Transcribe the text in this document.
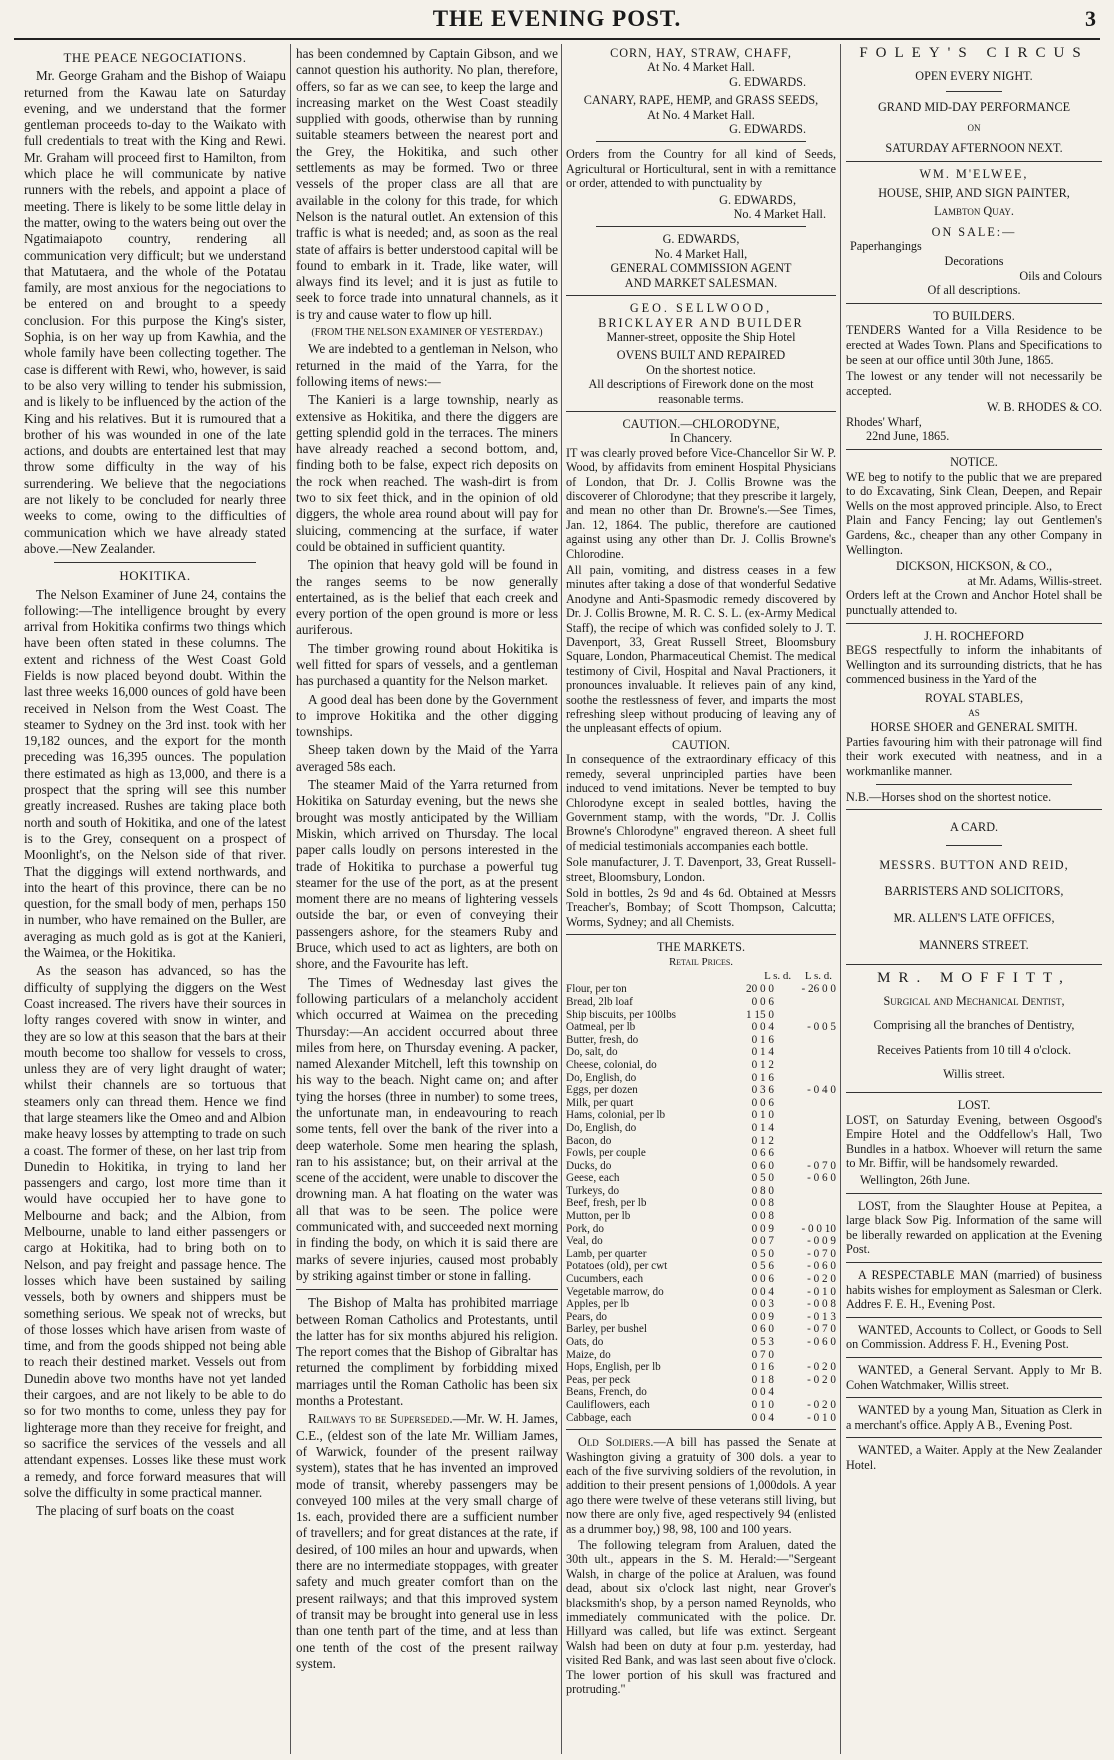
THE EVENING POST.	3
THE PEACE NEGOCIATIONS.

Mr. George Graham and the Bishop of Waiapu returned from the Kawau late on Saturday evening, and we understand that the former gentleman proceeds to-day to the Waikato with full credentials to treat with the King and Rewi. Mr. Graham will proceed first to Hamilton, from which place he will communicate by native runners with the rebels, and appoint a place of meeting. There is likely to be some little delay in the matter, owing to the waters being out over the Ngatimaiapoto country, rendering all communication very difficult; but we understand that Matutaera, and the whole of the Potatau family, are most anxious for the negociations to be entered on and brought to a speedy conclusion. For this purpose the King's sister, Sophia, is on her way up from Kawhia, and the whole family have been collecting together. The case is different with Rewi, who, however, is said to be also very willing to tender his submission, and is likely to be influenced by the action of the King and his relatives. But it is rumoured that a brother of his was wounded in one of the late actions, and doubts are entertained lest that may throw some difficulty in the way of his surrendering. We believe that the negociations are not likely to be concluded for nearly three weeks to come, owing to the difficulties of communication which we have already stated above.—New Zealander.

HOKITIKA.

The Nelson Examiner of June 24, contains the following:—The intelligence brought by every arrival from Hokitika confirms two things which have been often stated in these columns. The extent and richness of the West Coast Gold Fields is now placed beyond doubt. Within the last three weeks 16,000 ounces of gold have been received in Nelson from the West Coast. The steamer to Sydney on the 3rd inst. took with her 19,182 ounces, and the export for the month preceding was 16,395 ounces. The population there estimated as high as 13,000, and there is a prospect that the spring will see this number greatly increased. Rushes are taking place both north and south of Hokitika, and one of the latest is to the Grey, consequent on a prospect of Moonlight's, on the Nelson side of that river. That the diggings will extend northwards, and into the heart of this province, there can be no question, for the small body of men, perhaps 150 in number, who have remained on the Buller, are averaging as much gold as is got at the Kanieri, the Waimea, or the Hokitika.

As the season has advanced, so has the difficulty of supplying the diggers on the West Coast increased. The rivers have their sources in lofty ranges covered with snow in winter, and they are so low at this season that the bars at their mouth become too shallow for vessels to cross, unless they are of very light draught of water; whilst their channels are so tortuous that steamers only can thread them. Hence we find that large steamers like the Omeo and and Albion make heavy losses by attempting to trade on such a coast. The former of these, on her last trip from Dunedin to Hokitika, in trying to land her passengers and cargo, lost more time than it would have occupied her to have gone to Melbourne and back; and the Albion, from Melbourne, unable to land either passengers or cargo at Hokitika, had to bring both on to Nelson, and pay freight and passage hence. The losses which have been sustained by sailing vessels, both by owners and shippers must be something serious. We speak not of wrecks, but of those losses which have arisen from waste of time, and from the goods shipped not being able to reach their destined market. Vessels out from Dunedin above two months have not yet landed their cargoes, and are not likely to be able to do so for two months to come, unless they pay for lighterage more than they receive for freight, and so sacrifice the services of the vessels and all attendant expenses. Losses like these must work a remedy, and force forward measures that will solve the difficulty in some practical manner.

The placing of surf boats on the coast

has been condemned by Captain Gibson, and we cannot question his authority. No plan, therefore, offers, so far as we can see, to keep the large and increasing market on the West Coast steadily supplied with goods, otherwise than by running suitable steamers between the nearest port and the Grey, the Hokitika, and such other settlements as may be formed. Two or three vessels of the proper class are all that are available in the colony for this trade, for which Nelson is the natural outlet. An extension of this traffic is what is needed; and, as soon as the real state of affairs is better understood capital will be found to embark in it. Trade, like water, will always find its level; and it is just as futile to seek to force trade into unnatural channels, as it is try and cause water to flow up hill.

(FROM THE NELSON EXAMINER OF YESTERDAY.)

We are indebted to a gentleman in Nelson, who returned in the maid of the Yarra, for the following items of news:—

The Kanieri is a large township, nearly as extensive as Hokitika, and there the diggers are getting splendid gold in the terraces. The miners have already reached a second bottom, and, finding both to be false, expect rich deposits on the rock when reached. The wash-dirt is from two to six feet thick, and in the opinion of old diggers, the whole area round about will pay for sluicing, commencing at the surface, if water could be obtained in sufficient quantity.

The opinion that heavy gold will be found in the ranges seems to be now generally entertained, as is the belief that each creek and every portion of the open ground is more or less auriferous.

The timber growing round about Hokitika is well fitted for spars of vessels, and a gentleman has purchased a quantity for the Nelson market.

A good deal has been done by the Government to improve Hokitika and the other digging townships.

Sheep taken down by the Maid of the Yarra averaged 58s each.

The steamer Maid of the Yarra returned from Hokitika on Saturday evening, but the news she brought was mostly anticipated by the William Miskin, which arrived on Thursday. The local paper calls loudly on persons interested in the trade of Hokitika to purchase a powerful tug steamer for the use of the port, as at the present moment there are no means of lightering vessels outside the bar, or even of conveying their passengers ashore, for the steamers Ruby and Bruce, which used to act as lighters, are both on shore, and the Favourite has left.

The Times of Wednesday last gives the following particulars of a melancholy accident which occurred at Waimea on the preceding Thursday:—An accident occurred about three miles from here, on Thursday evening. A packer, named Alexander Mitchell, left this township on his way to the beach. Night came on; and after tying the horses (three in number) to some trees, the unfortunate man, in endeavouring to reach some tents, fell over the bank of the river into a deep waterhole. Some men hearing the splash, ran to his assistance; but, on their arrival at the scene of the accident, were unable to discover the drowning man. A hat floating on the water was all that was to be seen. The police were communicated with, and succeeded next morning in finding the body, on which it is said there are marks of severe injuries, caused most probably by striking against timber or stone in falling.

The Bishop of Malta has prohibited marriage between Roman Catholics and Protestants, until the latter has for six months abjured his religion. The report comes that the Bishop of Gibraltar has returned the compliment by forbidding mixed marriages until the Roman Catholic has been six months a Protestant.

Railways to be Superseded.—Mr. W. H. James, C.E., (eldest son of the late Mr. William James, of Warwick, founder of the present railway system), states that he has invented an improved mode of transit, whereby passengers may be conveyed 100 miles at the very small charge of 1s. each, provided there are a sufficient number of travellers; and for great distances at the rate, if desired, of 100 miles an hour and upwards, when there are no intermediate stoppages, with greater safety and much greater comfort than on the present railways; and that this improved system of transit may be brought into general use in less than one tenth part of the time, and at less than one tenth of the cost of the present railway system.

CORN, HAY, STRAW, CHAFF,
At No. 4 Market Hall.
G. EDWARDS.
CANARY, RAPE, HEMP, and GRASS SEEDS,
At No. 4 Market Hall.
G. EDWARDS.

Orders from the Country for all kind of Seeds, Agricultural or Horticultural, sent in with a remittance or order, attended to with punctuality by

G. EDWARDS,
No. 4 Market Hall.
G. EDWARDS,
No. 4 Market Hall,
GENERAL COMMISSION AGENT
AND MARKET SALESMAN.
GEO. SELLWOOD,
BRICKLAYER AND BUILDER
Manner-street, opposite the Ship Hotel
OVENS BUILT AND REPAIRED
On the shortest notice.
All descriptions of Firework done on the most reasonable terms.
CAUTION.—CHLORODYNE,
In Chancery.

IT was clearly proved before Vice-Chancellor Sir W. P. Wood, by affidavits from eminent Hospital Physicians of London, that Dr. J. Collis Browne was the discoverer of Chlorodyne; that they prescribe it largely, and mean no other than Dr. Browne's.—See Times, Jan. 12, 1864. The public, therefore are cautioned against using any other than Dr. J. Collis Browne's Chlorodine.

All pain, vomiting, and distress ceases in a few minutes after taking a dose of that wonderful Sedative Anodyne and Anti-Spasmodic remedy discovered by Dr. J. Collis Browne, M. R. C. S. L. (ex-Army Medical Staff), the recipe of which was confided solely to J. T. Davenport, 33, Great Russell Street, Bloomsbury Square, London, Pharmaceutical Chemist. The medical testimony of Civil, Hospital and Naval Practioners, it pronounces invaluable. It relieves pain of any kind, soothe the restlessness of fever, and imparts the most refreshing sleep without producing of leaving any of the unpleasant effects of opium.

CAUTION.

In consequence of the extraordinary efficacy of this remedy, several unprincipled parties have been induced to vend imitations. Never be tempted to buy Chlorodyne except in sealed bottles, having the Government stamp, with the words, "Dr. J. Collis Browne's Chlorodyne" engraved thereon. A sheet full of medicial testimonials accompanies each bottle.

Sole manufacturer, J. T. Davenport, 33, Great Russell-street, Bloomsbury, London.

Sold in bottles, 2s 9d and 4s 6d. Obtained at Messrs Treacher's, Bombay; of Scott Thompson, Calcutta; Worms, Sydney; and all Chemists.

THE MARKETS.
Retail Prices.
L s. d.     L s. d.
Flour, per ton	20 0 0	- 26 0 0
Bread, 2lb loaf	0 0 6	
Ship biscuits, per 100lbs	1 15 0	
Oatmeal, per lb	0 0 4	- 0 0 5
Butter, fresh, do	0 1 6	
Do, salt, do	0 1 4	
Cheese, colonial, do	0 1 2	
Do, English, do	0 1 6	
Eggs, per dozen	0 3 6	- 0 4 0
Milk, per quart	0 0 6	
Hams, colonial, per lb	0 1 0	
Do, English, do	0 1 4	
Bacon, do	0 1 2	
Fowls, per couple	0 6 6	
Ducks, do	0 6 0	- 0 7 0
Geese, each	0 5 0	- 0 6 0
Turkeys, do	0 8 0	
Beef, fresh, per lb	0 0 8	
Mutton, per lb	0 0 8	
Pork, do	0 0 9	- 0 0 10
Veal, do	0 0 7	- 0 0 9
Lamb, per quarter	0 5 0	- 0 7 0
Potatoes (old), per cwt	0 5 6	- 0 6 0
Cucumbers, each	0 0 6	- 0 2 0
Vegetable marrow, do	0 0 4	- 0 1 0
Apples, per lb	0 0 3	- 0 0 8
Pears, do	0 0 9	- 0 1 3
Barley, per bushel	0 6 0	- 0 7 0
Oats, do	0 5 3	- 0 6 0
Maize, do	0 7 0	
Hops, English, per lb	0 1 6	- 0 2 0
Peas, per peck	0 1 8	- 0 2 0
Beans, French, do	0 0 4	
Cauliflowers, each	0 1 0	- 0 2 0
Cabbage, each	0 0 4	- 0 1 0

Old Soldiers.—A bill has passed the Senate at Washington giving a gratuity of 300 dols. a year to each of the five surviving soldiers of the revolution, in addition to their present pensions of 1,000dols. A year ago there were twelve of these veterans still living, but now there are only five, aged respectively 94 (enlisted as a drummer boy,) 98, 98, 100 and 100 years.

The following telegram from Araluen, dated the 30th ult., appears in the S. M. Herald:—"Sergeant Walsh, in charge of the police at Araluen, was found dead, about six o'clock last night, near Grover's blacksmith's shop, by a person named Reynolds, who immediately communicated with the police. Dr. Hillyard was called, but life was extinct. Sergeant Walsh had been on duty at four p.m. yesterday, had visited Red Bank, and was last seen about five o'clock. The lower portion of his skull was fractured and protruding."

FOLEY'S CIRCUS
OPEN EVERY NIGHT.
GRAND MID-DAY PERFORMANCE
ON
SATURDAY AFTERNOON NEXT.
WM. M'ELWEE,
HOUSE, SHIP, AND SIGN PAINTER,
Lambton Quay.
ON SALE:—
Paperhangings
Decorations
Oils and Colours
Of all descriptions.
TO BUILDERS.

TENDERS Wanted for a Villa Residence to be erected at Wades Town. Plans and Specifications to be seen at our office until 30th June, 1865.

The lowest or any tender will not necessarily be accepted.

W. B. RHODES & CO.
Rhodes' Wharf,
22nd June, 1865.
NOTICE.

WE beg to notify to the public that we are prepared to do Excavating, Sink Clean, Deepen, and Repair Wells on the most approved principle. Also, to Erect Plain and Fancy Fencing; lay out Gentlemen's Gardens, &c., cheaper than any other Company in Wellington.

DICKSON, HICKSON, & CO.,
at Mr. Adams, Willis-street.

Orders left at the Crown and Anchor Hotel shall be punctually attended to.

J. H. ROCHEFORD

BEGS respectfully to inform the inhabitants of Wellington and its surrounding districts, that he has commenced business in the Yard of the

ROYAL STABLES,
AS
HORSE SHOER and GENERAL SMITH.

Parties favouring him with their patronage will find their work executed with neatness, and in a workmanlike manner.

N.B.—Horses shod on the shortest notice.
A CARD.
MESSRS. BUTTON AND REID,
BARRISTERS AND SOLICITORS,
MR. ALLEN'S LATE OFFICES,
MANNERS STREET.
MR. MOFFITT,
Surgical and Mechanical Dentist,
Comprising all the branches of Dentistry,
Receives Patients from 10 till 4 o'clock.
Willis street.
LOST.

LOST, on Saturday Evening, between Osgood's Empire Hotel and the Oddfellow's Hall, Two Bundles in a hatbox. Whoever will return the same to Mr. Biffir, will be handsomely rewarded.

Wellington, 26th June.

LOST, from the Slaughter House at Pepitea, a large black Sow Pig. Information of the same will be liberally rewarded on application at the Evening Post.

A RESPECTABLE MAN (married) of business habits wishes for employment as Salesman or Clerk. Addres F. E. H., Evening Post.

WANTED, Accounts to Collect, or Goods to Sell on Commission. Address F. H., Evening Post.

WANTED, a General Servant. Apply to Mr B. Cohen Watchmaker, Willis street.

WANTED by a young Man, Situation as Clerk in a merchant's office. Apply A B., Evening Post.

WANTED, a Waiter. Apply at the New Zealander Hotel.
